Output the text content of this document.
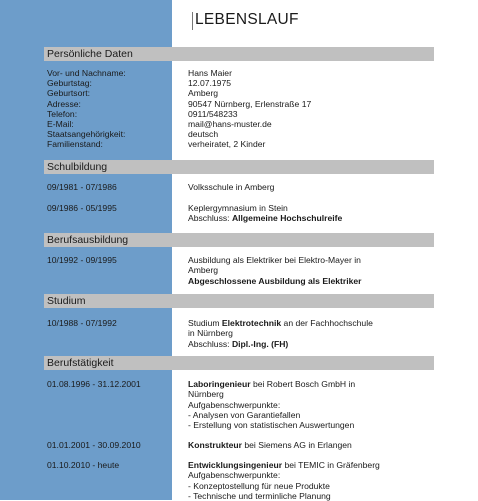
LEBENSLAUF
Persönliche Daten
Vor- und Nachname:	Hans Maier
Geburtstag:	12.07.1975
Geburtsort:	Amberg
Adresse:	90547 Nürnberg, Erlenstraße 17
Telefon:	0911/548233
E-Mail:	mail@hans-muster.de
Staatsangehörigkeit:	deutsch
Familienstand:	verheiratet, 2 Kinder
Schulbildung
09/1981 - 07/1986	Volksschule in Amberg
09/1986 - 05/1995	Keplergymnasium in Stein
Abschluss: Allgemeine Hochschulreife
Berufsausbildung
10/1992 - 09/1995	Ausbildung als Elektriker bei Elektro-Mayer in
Amberg
Abgeschlossene Ausbildung als Elektriker
Studium
10/1988 - 07/1992	Studium Elektrotechnik an der Fachhochschule
in Nürnberg
Abschluss: Dipl.-Ing. (FH)
Berufstätigkeit
01.08.1996 - 31.12.2001	Laboringenieur bei Robert Bosch GmbH in
Nürnberg
Aufgabenschwerpunkte:
- Analysen von Garantiefallen
- Erstellung von statistischen Auswertungen
01.01.2001 - 30.09.2010	Konstrukteur bei Siemens AG in Erlangen
01.10.2010 - heute	Entwicklungsingenieur bei TEMIC in Gräfenberg
Aufgabenschwerpunkte:
- Konzeptostellung für neue Produkte
- Technische und terminliche Planung
